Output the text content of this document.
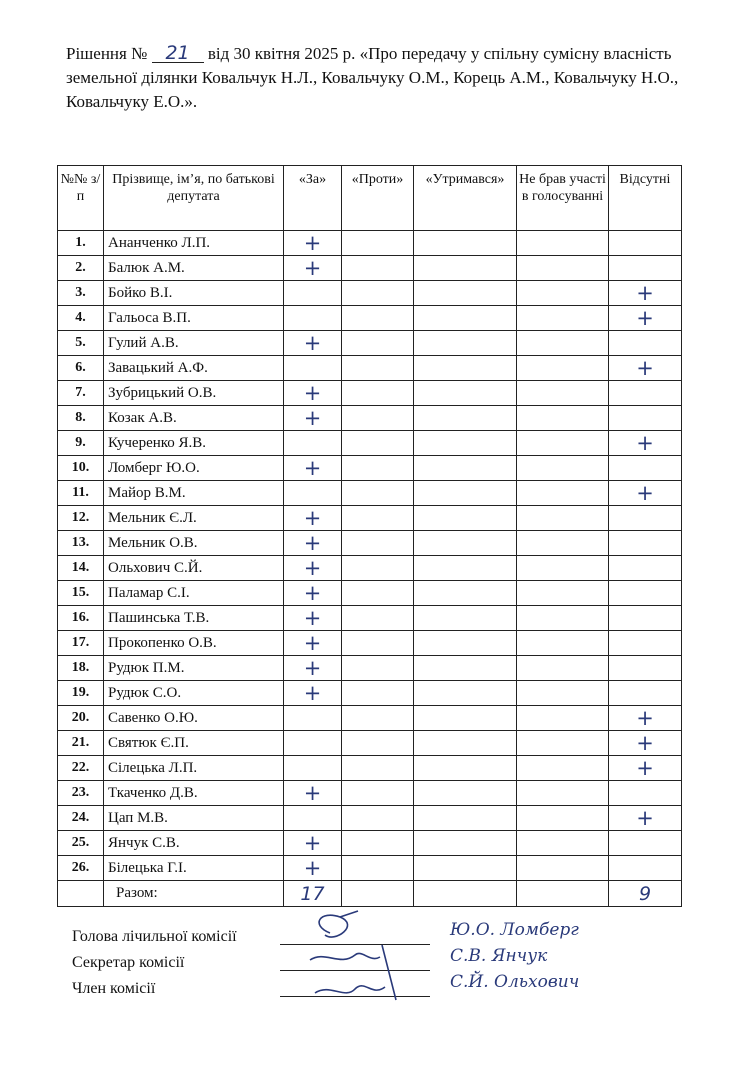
Рішення № 21 від 30 квітня 2025 р. «Про передачу у спільну сумісну власність земельної ділянки Ковальчук Н.Л., Ковальчуку О.М., Корець А.М., Ковальчуку Н.О., Ковальчуку Е.О.».
№№ з/п	Прізвище, ім’я, по батькові депутата	«За»	«Проти»	«Утримався»	Не брав участі в голосуванні	Відсутні
1.	Ананченко Л.П.	+				
2.	Балюк А.М.	+				
3.	Бойко В.І.					+
4.	Гальоса В.П.					+
5.	Гулий А.В.	+				
6.	Завацький А.Ф.					+
7.	Зубрицький О.В.	+				
8.	Козак А.В.	+				
9.	Кучеренко Я.В.					+
10.	Ломберг Ю.О.	+				
11.	Майор В.М.					+
12.	Мельник Є.Л.	+				
13.	Мельник О.В.	+				
14.	Ольхович С.Й.	+				
15.	Паламар С.І.	+				
16.	Пашинська Т.В.	+				
17.	Прокопенко О.В.	+				
18.	Рудюк П.М.	+				
19.	Рудюк С.О.	+				
20.	Савенко О.Ю.					+
21.	Святюк Є.П.					+
22.	Сілецька Л.П.					+
23.	Ткаченко Д.В.	+				
24.	Цап М.В.					+
25.	Янчук С.В.	+				
26.	Білецька Г.І.	+				
	Разом:	17				9
Голова лічильної комісії
Секретар комісії
Член комісії
Ю.О. Ломберг
С.В. Янчук
С.Й. Ольхович
